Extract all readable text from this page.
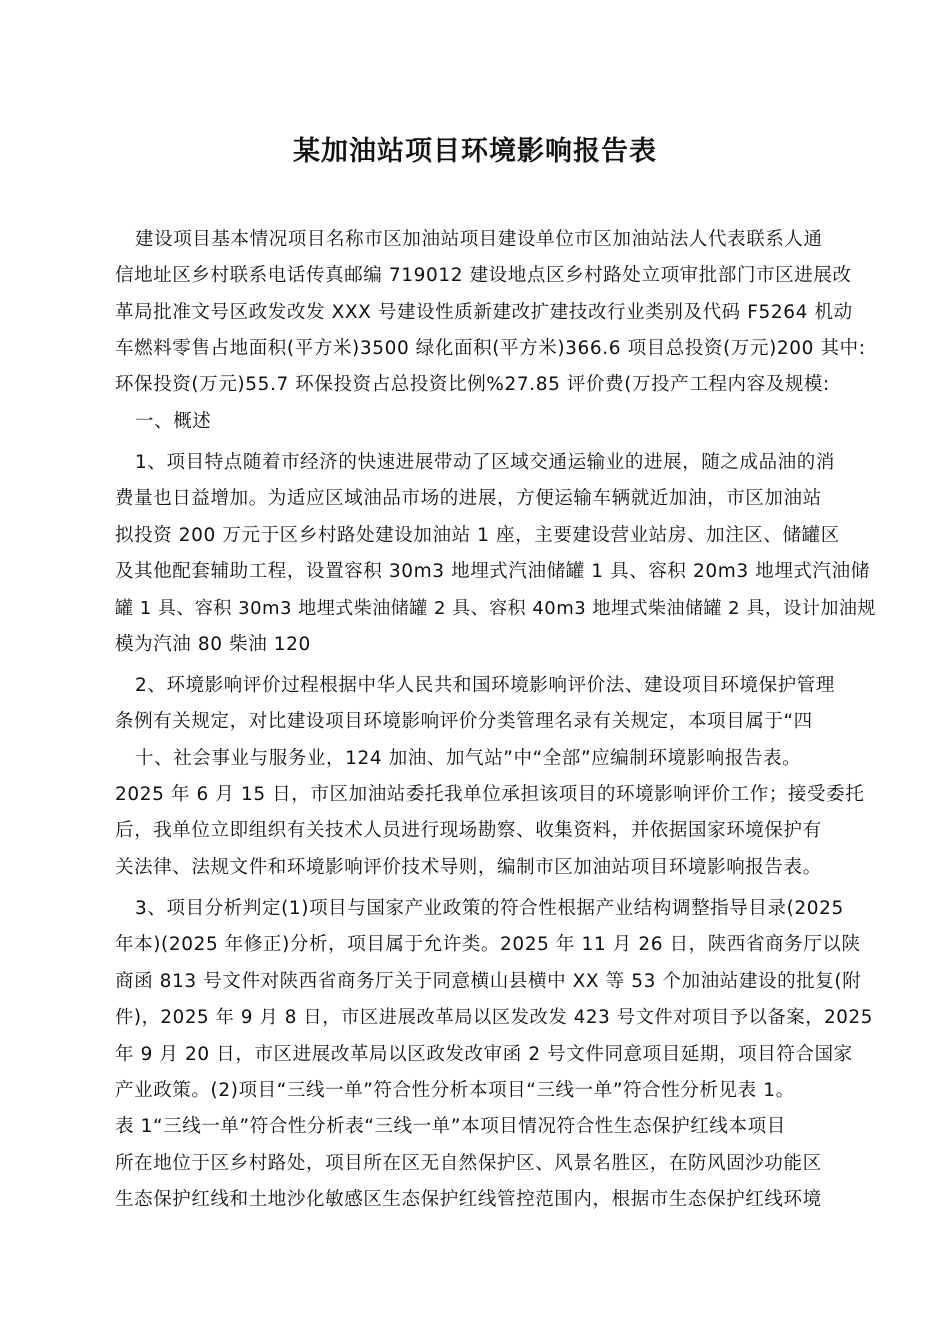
某加油站项目环境影响报告表
建设项目基本情况项目名称市区加油站项目建设单位市区加油站法人代表联系人通
信地址区乡村联系电话传真邮编 719012 建设地点区乡村路处立项审批部门市区进展改
革局批准文号区政发改发 XXX 号建设性质新建改扩建技改行业类别及代码 F5264 机动
车燃料零售占地面积(平方米)3500 绿化面积(平方米)366.6 项目总投资(万元)200 其中:
环保投资(万元)55.7 环保投资占总投资比例%27.85 评价费(万投产工程内容及规模:
一、概述
1、项目特点随着市经济的快速进展带动了区域交通运输业的进展，随之成品油的消
费量也日益增加。为适应区域油品市场的进展，方便运输车辆就近加油，市区加油站
拟投资 200 万元于区乡村路处建设加油站 1 座，主要建设营业站房、加注区、储罐区
及其他配套辅助工程，设置容积 30m3 地埋式汽油储罐 1 具、容积 20m3 地埋式汽油储
罐 1 具、容积 30m3 地埋式柴油储罐 2 具、容积 40m3 地埋式柴油储罐 2 具，设计加油规
模为汽油 80 柴油 120
2、环境影响评价过程根据中华人民共和国环境影响评价法、建设项目环境保护管理
条例有关规定，对比建设项目环境影响评价分类管理名录有关规定，本项目属于“四
十、社会事业与服务业，124 加油、加气站”中“全部”应编制环境影响报告表。
2025 年 6 月 15 日，市区加油站委托我单位承担该项目的环境影响评价工作；接受委托
后，我单位立即组织有关技术人员进行现场勘察、收集资料，并依据国家环境保护有
关法律、法规文件和环境影响评价技术导则，编制市区加油站项目环境影响报告表。
3、项目分析判定(1)项目与国家产业政策的符合性根据产业结构调整指导目录(2025
年本)(2025 年修正)分析，项目属于允许类。2025 年 11 月 26 日，陕西省商务厅以陕
商函 813 号文件对陕西省商务厅关于同意横山县横中 XX 等 53 个加油站建设的批复(附
件)，2025 年 9 月 8 日，市区进展改革局以区发改发 423 号文件对项目予以备案，2025
年 9 月 20 日，市区进展改革局以区政发改审函 2 号文件同意项目延期，项目符合国家
产业政策。(2)项目“三线一单”符合性分析本项目“三线一单”符合性分析见表 1。
表 1“三线一单”符合性分析表“三线一单”本项目情况符合性生态保护红线本项目
所在地位于区乡村路处，项目所在区无自然保护区、风景名胜区，在防风固沙功能区
生态保护红线和土地沙化敏感区生态保护红线管控范围内，根据市生态保护红线环境
